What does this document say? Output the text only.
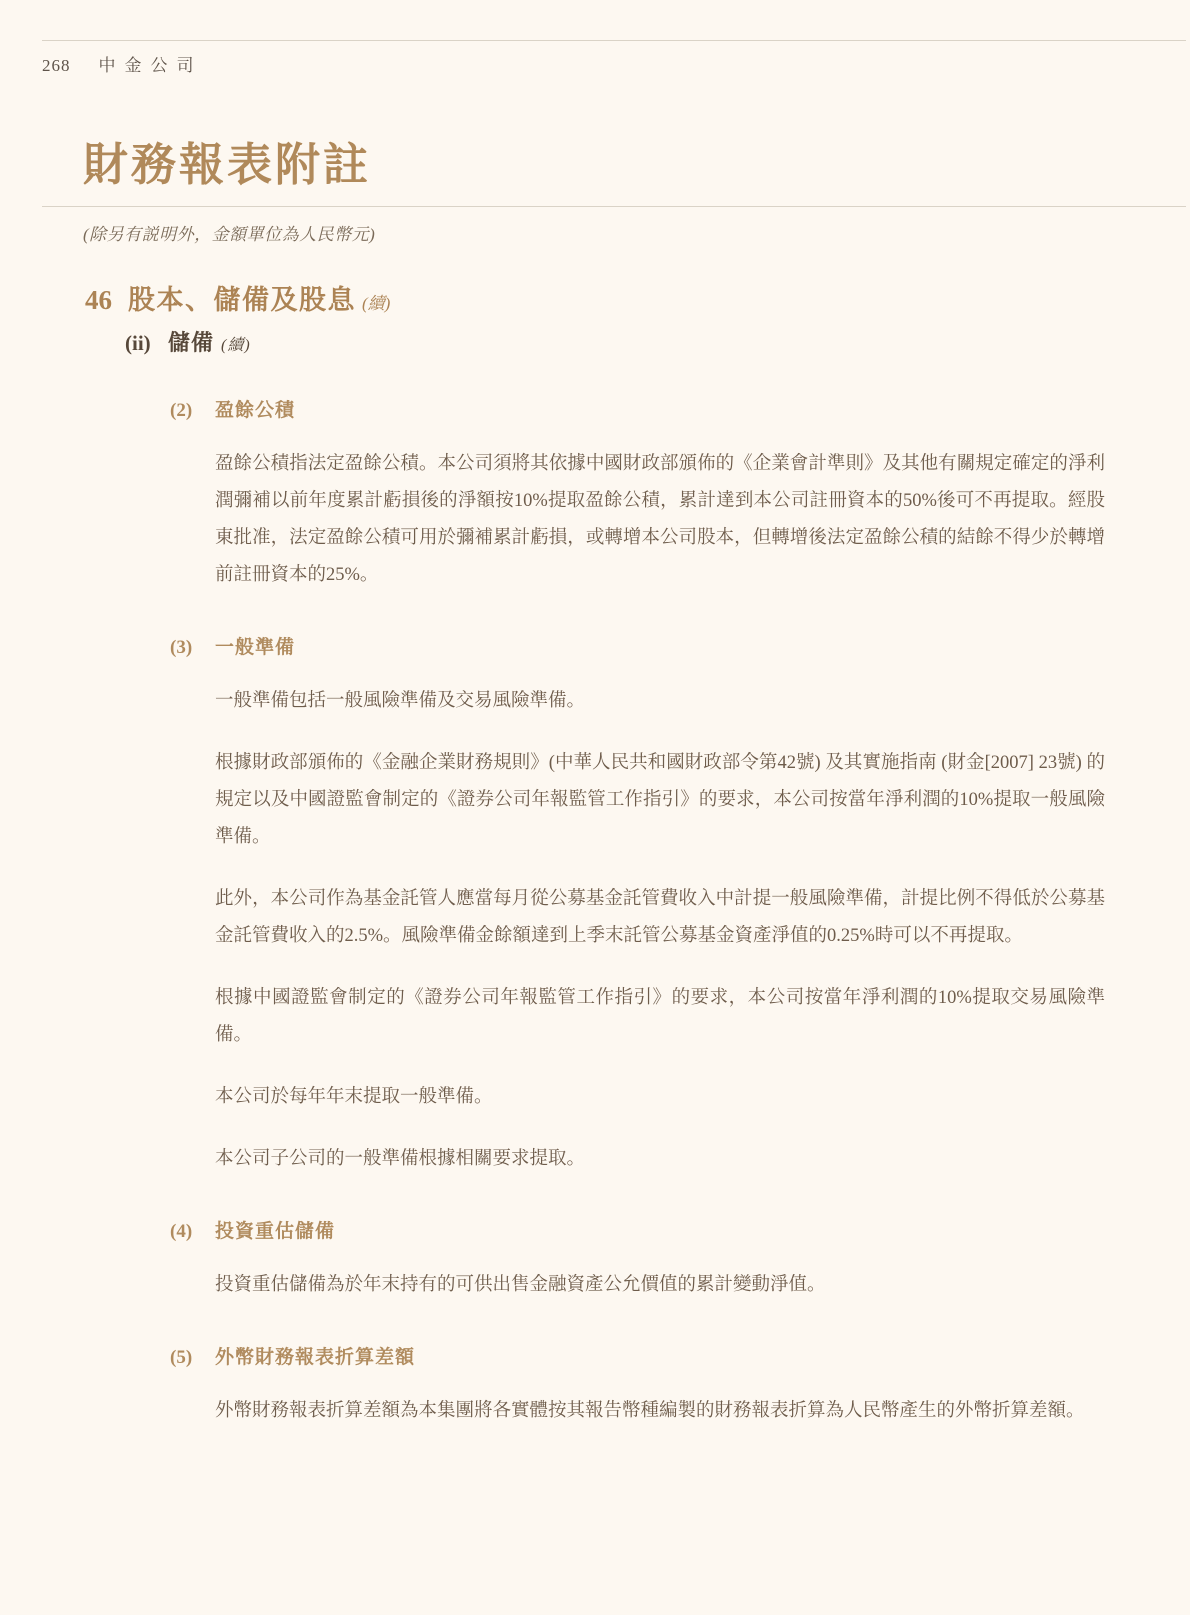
268 中金公司
財務報表附註

(除另有説明外，金額單位為人民幣元)

46 股本、儲備及股息 (續)
(ii) 儲備 (續)
(2)	盈餘公積

盈餘公積指法定盈餘公積。本公司須將其依據中國財政部頒佈的《企業會計準則》及其他有關規定確定的淨利潤彌補以前年度累計虧損後的淨額按10%提取盈餘公積，累計達到本公司註冊資本的50%後可不再提取。經股東批准，法定盈餘公積可用於彌補累計虧損，或轉增本公司股本，但轉增後法定盈餘公積的結餘不得少於轉增前註冊資本的25%。

(3)	一般準備

一般準備包括一般風險準備及交易風險準備。

根據財政部頒佈的《金融企業財務規則》(中華人民共和國財政部令第42號) 及其實施指南 (財金[2007] 23號) 的規定以及中國證監會制定的《證券公司年報監管工作指引》的要求，本公司按當年淨利潤的10%提取一般風險準備。

此外，本公司作為基金託管人應當每月從公募基金託管費收入中計提一般風險準備，計提比例不得低於公募基金託管費收入的2.5%。風險準備金餘額達到上季末託管公募基金資產淨值的0.25%時可以不再提取。

根據中國證監會制定的《證券公司年報監管工作指引》的要求，本公司按當年淨利潤的10%提取交易風險準備。

本公司於每年年末提取一般準備。

本公司子公司的一般準備根據相關要求提取。

(4)	投資重估儲備

投資重估儲備為於年末持有的可供出售金融資產公允價值的累計變動淨值。

(5)	外幣財務報表折算差額

外幣財務報表折算差額為本集團將各實體按其報告幣種編製的財務報表折算為人民幣產生的外幣折算差額。
